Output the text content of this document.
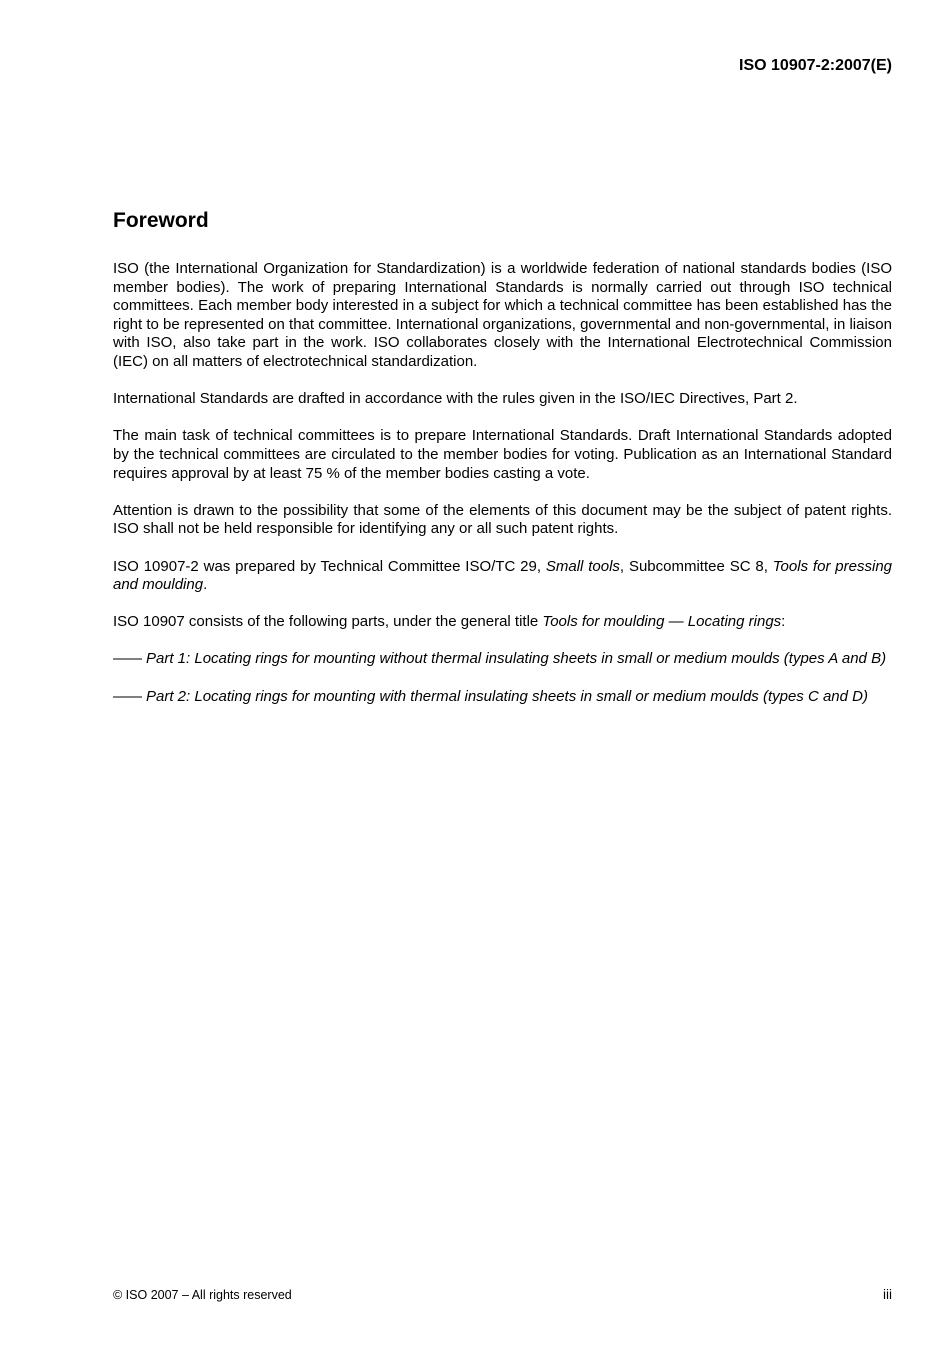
ISO 10907-2:2007(E)

Foreword

ISO (the International Organization for Standardization) is a worldwide federation of national standards bodies (ISO member bodies). The work of preparing International Standards is normally carried out through ISO technical committees. Each member body interested in a subject for which a technical committee has been established has the right to be represented on that committee. International organizations, governmental and non-governmental, in liaison with ISO, also take part in the work. ISO collaborates closely with the International Electrotechnical Commission (IEC) on all matters of electrotechnical standardization.

International Standards are drafted in accordance with the rules given in the ISO/IEC Directives, Part 2.

The main task of technical committees is to prepare International Standards. Draft International Standards adopted by the technical committees are circulated to the member bodies for voting. Publication as an International Standard requires approval by at least 75 % of the member bodies casting a vote.

Attention is drawn to the possibility that some of the elements of this document may be the subject of patent rights. ISO shall not be held responsible for identifying any or all such patent rights.

ISO 10907-2 was prepared by Technical Committee ISO/TC 29, Small tools, Subcommittee SC 8, Tools for pressing and moulding.

ISO 10907 consists of the following parts, under the general title Tools for moulding — Locating rings:

—— Part 1: Locating rings for mounting without thermal insulating sheets in small or medium moulds (types A and B)
—— Part 2: Locating rings for mounting with thermal insulating sheets in small or medium moulds (types C and D)

© ISO 2007 – All rights reserved	iii
